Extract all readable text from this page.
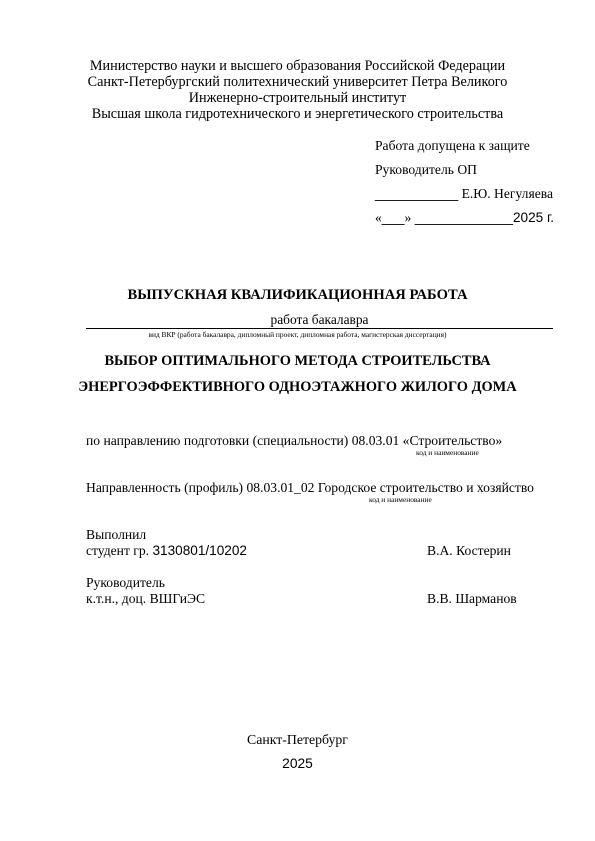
Министерство науки и высшего образования Российской Федерации
Санкт-Петербургский политехнический университет Петра Великого
Инженерно-строительный институт
Высшая школа гидротехнического и энергетического строительства
Работа допущена к защите
Руководитель ОП
___________ Е.Ю. Негуляева
«___» _____________2025 г.
ВЫПУСКНАЯ КВАЛИФИКАЦИОННАЯ РАБОТА
работа бакалавра
вид ВКР (работа бакалавра, дипломный проект, дипломная работа, магистерская диссертация)
ВЫБОР ОПТИМАЛЬНОГО МЕТОДА СТРОИТЕЛЬСТВА
ЭНЕРГОЭФФЕКТИВНОГО ОДНОЭТАЖНОГО ЖИЛОГО ДОМА
по направлению подготовки (специальности) 08.03.01 «Строительство»
код и наименование
Направленность (профиль) 08.03.01_02 Городское строительство и хозяйство
код и наименование
Выполнил
студент гр. 3130801/10202	В.А. Костерин
Руководитель
к.т.н., доц. ВШГиЭС	В.В. Шарманов
Санкт-Петербург
2025
